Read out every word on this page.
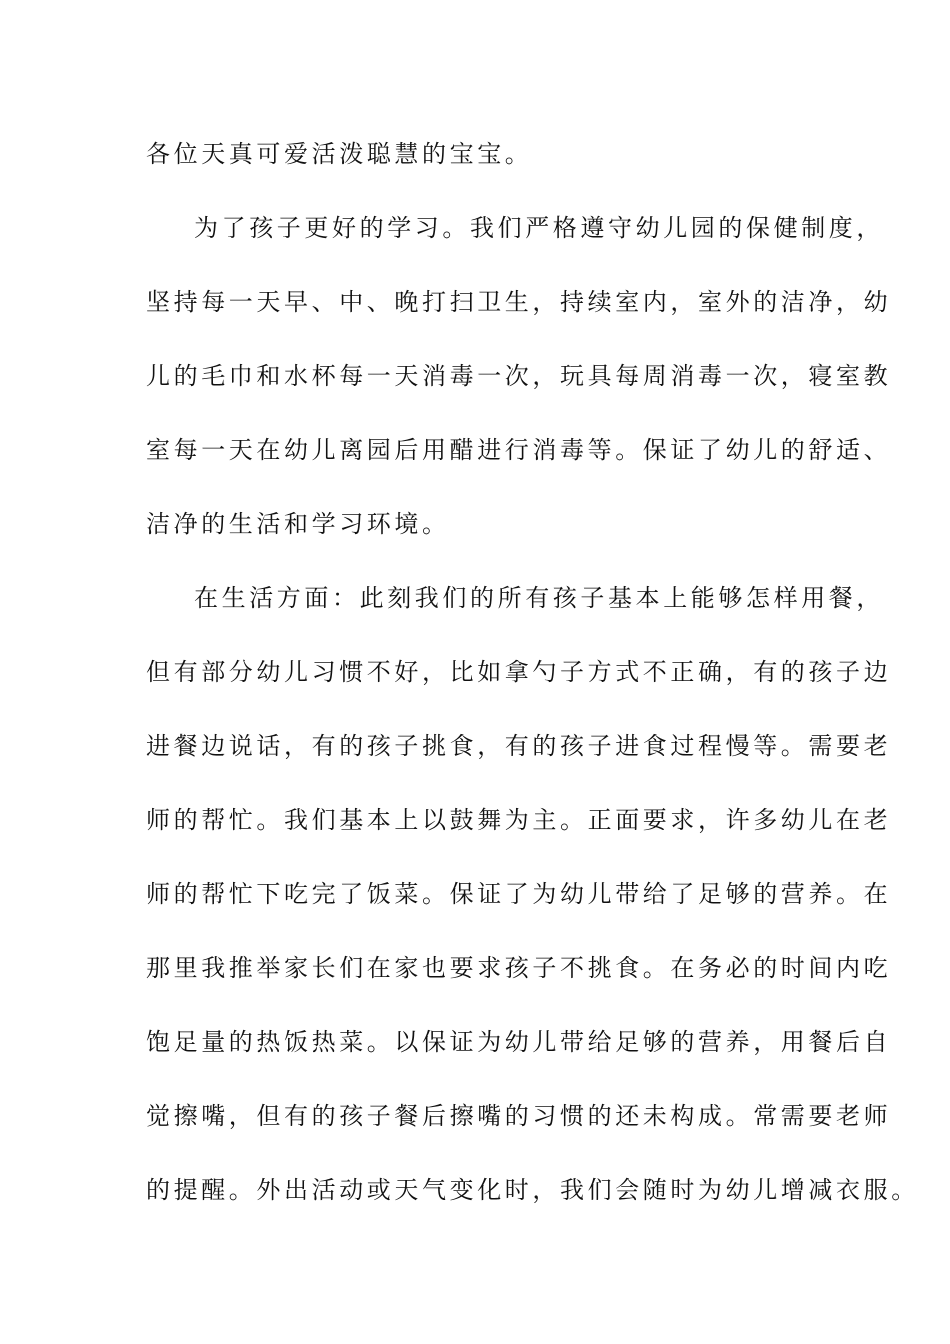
各位天真可爱活泼聪慧的宝宝。
为了孩子更好的学习。我们严格遵守幼儿园的保健制度，
坚持每一天早、中、晚打扫卫生，持续室内，室外的洁净，幼
儿的毛巾和水杯每一天消毒一次，玩具每周消毒一次，寝室教
室每一天在幼儿离园后用醋进行消毒等。保证了幼儿的舒适、
洁净的生活和学习环境。
在生活方面：此刻我们的所有孩子基本上能够怎样用餐，
但有部分幼儿习惯不好，比如拿勺子方式不正确，有的孩子边
进餐边说话，有的孩子挑食，有的孩子进食过程慢等。需要老
师的帮忙。我们基本上以鼓舞为主。正面要求，许多幼儿在老
师的帮忙下吃完了饭菜。保证了为幼儿带给了足够的营养。在
那里我推举家长们在家也要求孩子不挑食。在务必的时间内吃
饱足量的热饭热菜。以保证为幼儿带给足够的营养，用餐后自
觉擦嘴，但有的孩子餐后擦嘴的习惯的还未构成。常需要老师
的提醒。外出活动或天气变化时，我们会随时为幼儿增减衣服。
